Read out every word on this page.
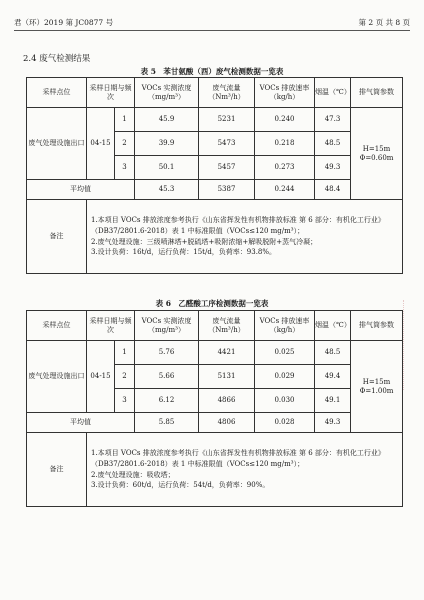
君（环）2019 第 JC0877 号	第 2 页 共 8 页
2.4 废气检测结果
表 5　苯甘氨酸（酉）废气检测数据一览表
采样点位	采样日期与频次		VOCs 实测浓度（mg/m³）	废气流量（Nm³/h）	VOCs 排放速率（kg/h）	烟温（℃）	排气筒参数
废气处理设施出口	04-15	1	45.9	5231	0.240	47.3	H=15m
Φ=0.60m

		2	39.9	5473	0.218	48.5	
		3	50.1	5457	0.273	49.3	
平均值			45.3	5387	0.244	48.4	
备注	1.本项目 VOCs 排放浓度参考执行《山东省挥发性有机物排放标准 第 6 部分：有机化工行业》（DB37/2801.6-2018）表 1 中标准限值（VOCs≤120 mg/m³）；
2.废气处理设施：三级喷淋塔+脱硫塔+吸附浓缩+解吸脱附+蒸气冷凝；
3.设计负荷：16t/d，运行负荷：15t/d，负荷率：93.8%。						
表 6　乙醛酸工序检测数据一览表
采样点位	采样日期与频次		VOCs 实测浓度（mg/m³）	废气流量（Nm³/h）	VOCs 排放速率（kg/h）	烟温（℃）	排气筒参数
废气处理设施出口	04-15	1	5.76	4421	0.025	48.5	H=15m
Φ=1.00m

		2	5.66	5131	0.029	49.4	
		3	6.12	4866	0.030	49.1	
平均值			5.85	4806	0.028	49.3	
备注	1.本项目 VOCs 排放浓度参考执行《山东省挥发性有机物排放标准 第 6 部分：有机化工行业》（DB37/2801.6-2018）表 1 中标准限值（VOCs≤120 mg/m³）；
2.废气处理设施：吸收塔；
3.设计负荷：60t/d，运行负荷：54t/d，负荷率：90%。						
